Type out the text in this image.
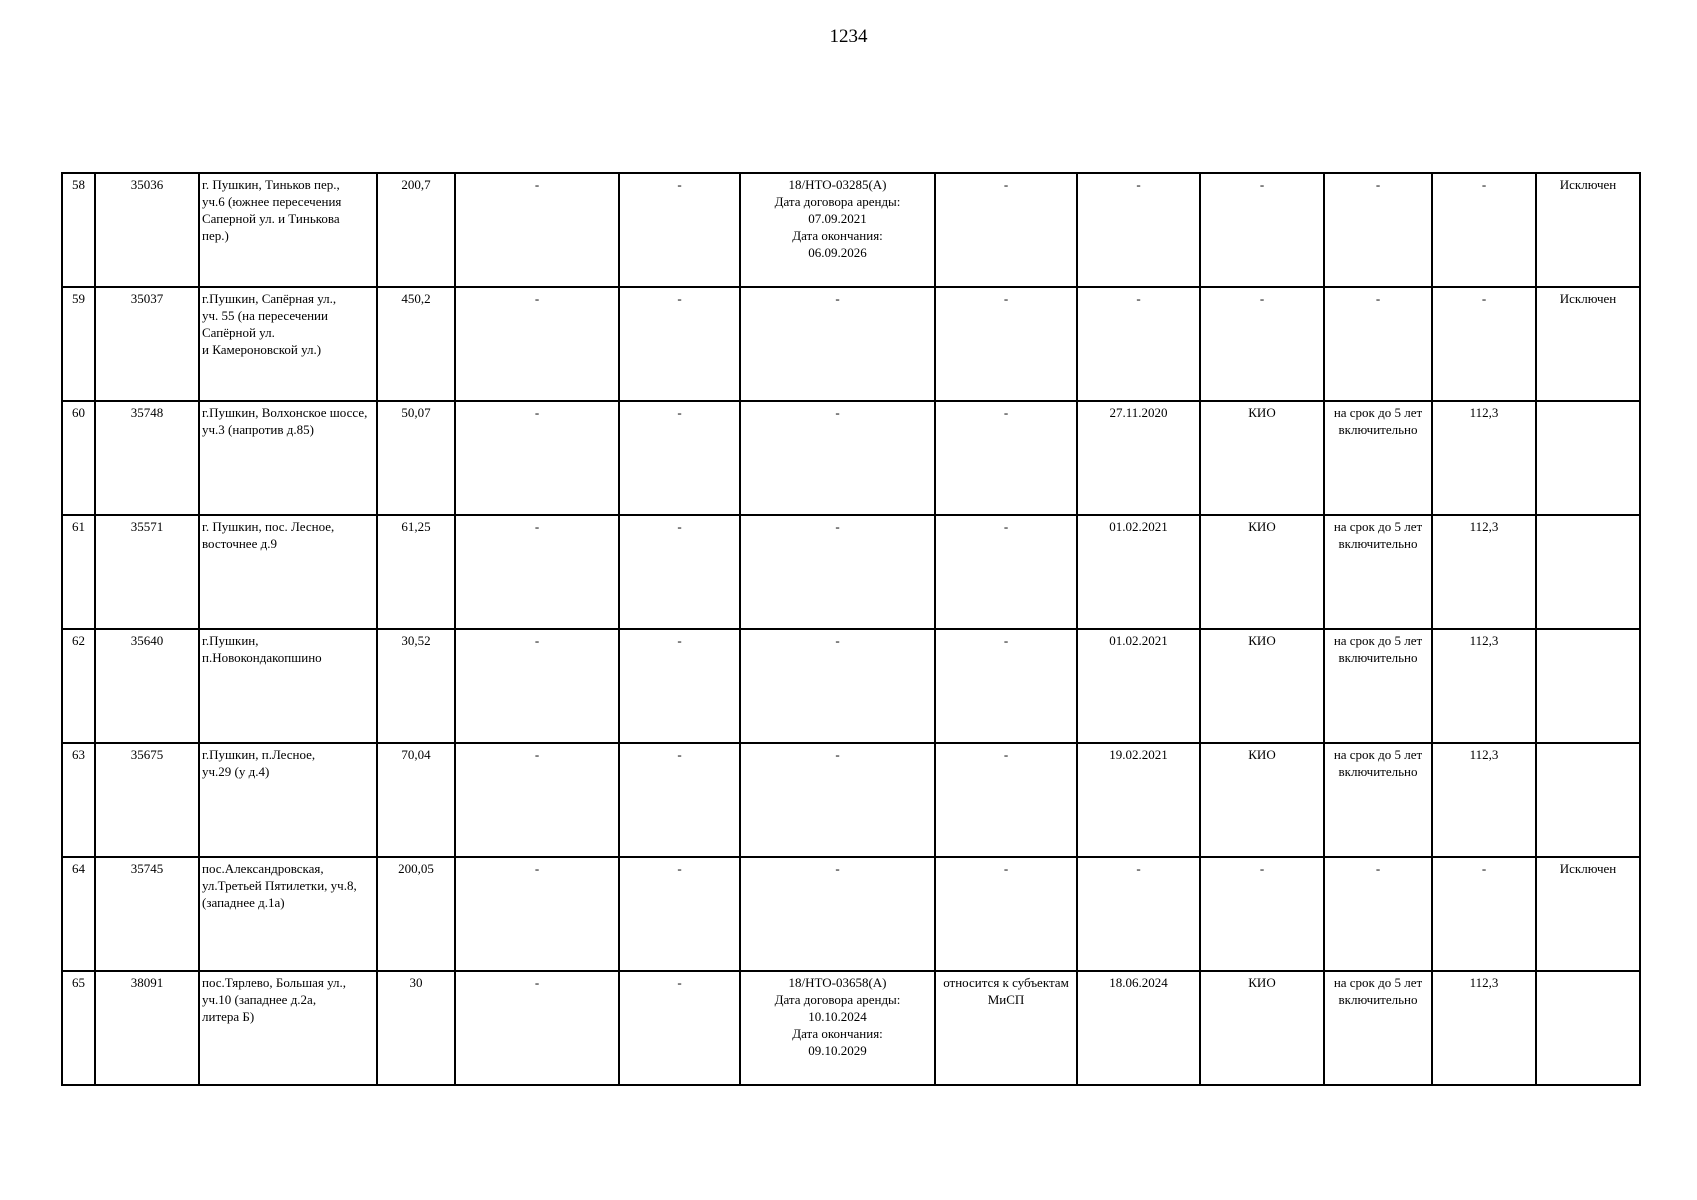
1234
58	35036	г. Пушкин, Тиньков пер.,
уч.6 (южнее пересечения
Саперной ул. и Тинькова
пер.)	200,7	-	-	18/НТО-03285(А)
Дата договора аренды:
07.09.2021
Дата окончания:
06.09.2026	-	-	-	-	-	Исключен
59	35037	г.Пушкин, Сапёрная ул.,
уч. 55 (на пересечении
Сапёрной ул.
и Камероновской ул.)	450,2	-	-	-	-	-	-	-	-	Исключен
60	35748	г.Пушкин, Волхонское шоссе,
уч.3 (напротив д.85)	50,07	-	-	-	-	27.11.2020	КИО	на срок до 5 лет
включительно	112,3	
61	35571	г. Пушкин, пос. Лесное,
восточнее д.9	61,25	-	-	-	-	01.02.2021	КИО	на срок до 5 лет
включительно	112,3	
62	35640	г.Пушкин,
п.Новокондакопшино	30,52	-	-	-	-	01.02.2021	КИО	на срок до 5 лет
включительно	112,3	
63	35675	г.Пушкин, п.Лесное,
уч.29 (у д.4)	70,04	-	-	-	-	19.02.2021	КИО	на срок до 5 лет
включительно	112,3	
64	35745	пос.Александровская,
ул.Третьей Пятилетки, уч.8,
(западнее д.1а)	200,05	-	-	-	-	-	-	-	-	Исключен
65	38091	пос.Тярлево, Большая ул.,
уч.10 (западнее д.2а,
литера Б)	30	-	-	18/НТО-03658(А)
Дата договора аренды:
10.10.2024
Дата окончания:
09.10.2029	относится к субъектам
МиСП	18.06.2024	КИО	на срок до 5 лет
включительно	112,3	
